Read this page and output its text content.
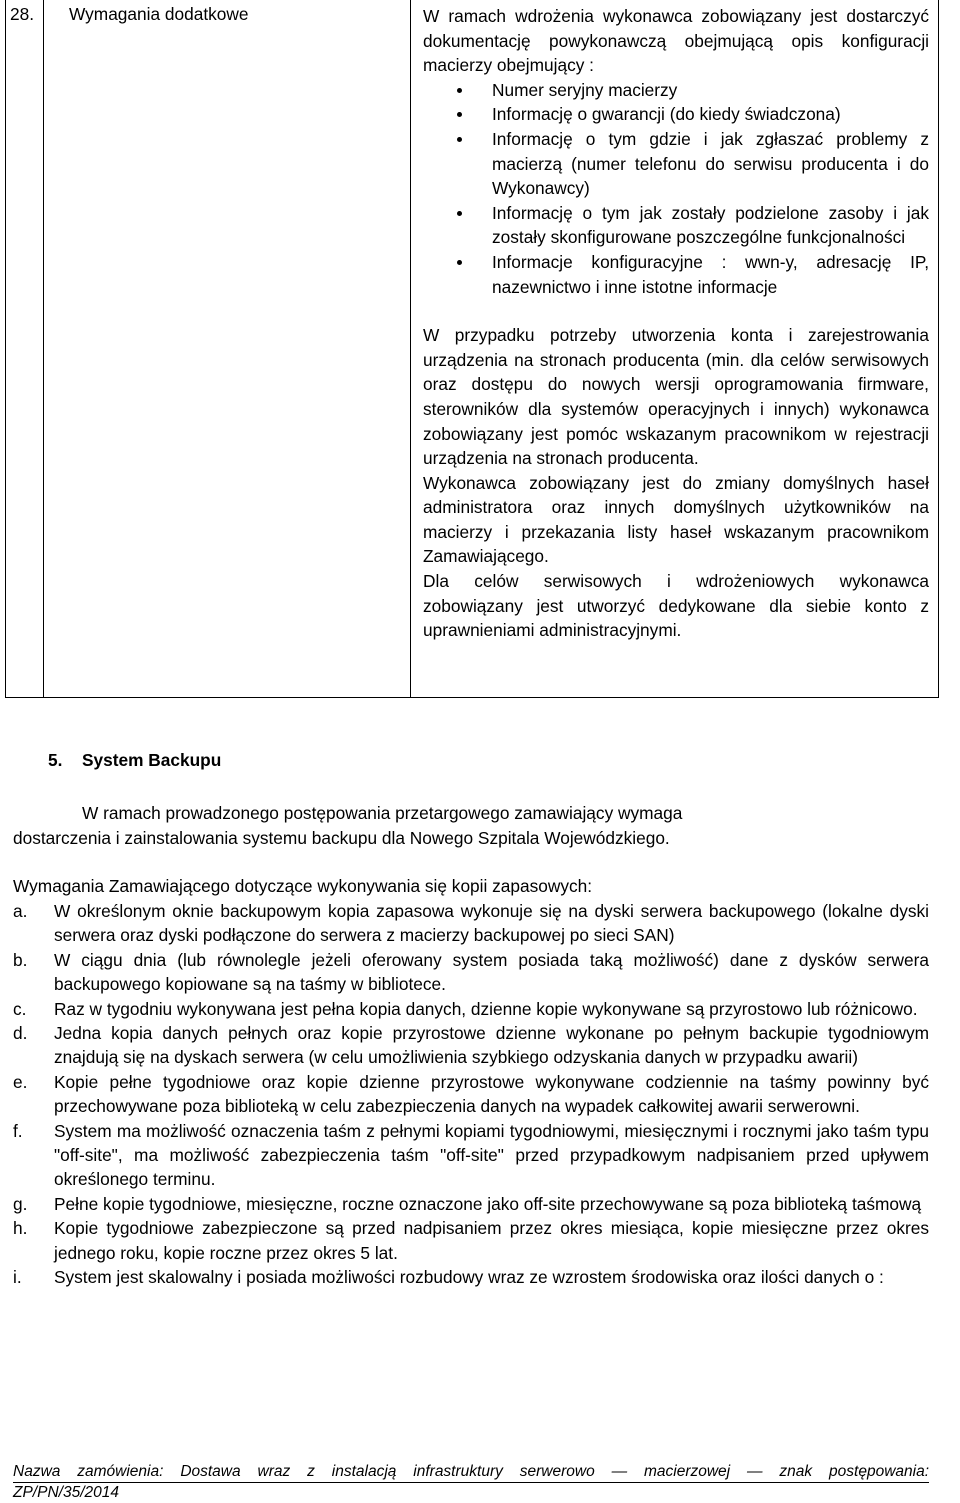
28. Wymagania dodatkowe	W ramach wdrożenia wykonawca zobowiązany jest dostarczyć dokumentację powykonawczą obejmującą opis konfiguracji macierzy obejmujący :
Numer seryjny macierzy
Informację o gwarancji (do kiedy świadczona)
Informację o tym gdzie i jak zgłaszać problemy z macierzą (numer telefonu do serwisu producenta i do Wykonawcy)
Informację o tym jak zostały podzielone zasoby i jak zostały skonfigurowane poszczególne funkcjonalności
Informacje konfiguracyjne : wwn-y, adresację IP, nazewnictwo i inne istotne informacje
W przypadku potrzeby utworzenia konta i zarejestrowania urządzenia na stronach producenta (min. dla celów serwisowych oraz dostępu do nowych wersji oprogramowania firmware, sterowników dla systemów operacyjnych i innych) wykonawca zobowiązany jest pomóc wskazanym pracownikom w rejestracji urządzenia na stronach producenta.
Wykonawca zobowiązany jest do zmiany domyślnych haseł administratora oraz innych domyślnych użytkowników na macierzy i przekazania listy haseł wskazanym pracownikom Zamawiającego.
Dla celów serwisowych i wdrożeniowych wykonawca zobowiązany jest utworzyć dedykowane dla siebie konto z uprawnieniami administracyjnymi.
5. System Backupu
W ramach prowadzonego postępowania przetargowego zamawiający wymaga
dostarczenia i zainstalowania systemu backupu dla Nowego Szpitala Wojewódzkiego.
Wymagania Zamawiającego dotyczące wykonywania się kopii zapasowych:
a. W określonym oknie backupowym kopia zapasowa wykonuje się na dyski serwera backupowego (lokalne dyski serwera oraz dyski podłączone do serwera z macierzy backupowej po sieci SAN)
b. W ciągu dnia (lub równolegle jeżeli oferowany system posiada taką możliwość) dane z dysków serwera backupowego kopiowane są na taśmy w bibliotece.
c. Raz w tygodniu wykonywana jest pełna kopia danych, dzienne kopie wykonywane są przyrostowo lub różnicowo.
d. Jedna kopia danych pełnych oraz kopie przyrostowe dzienne wykonane po pełnym backupie tygodniowym znajdują się na dyskach serwera (w celu umożliwienia szybkiego odzyskania danych w przypadku awarii)
e. Kopie pełne tygodniowe oraz kopie dzienne przyrostowe wykonywane codziennie na taśmy powinny być przechowywane poza biblioteką w celu zabezpieczenia danych na wypadek całkowitej awarii serwerowni.
f. System ma możliwość oznaczenia taśm z pełnymi kopiami tygodniowymi, miesięcznymi i rocznymi jako taśm typu "off-site", ma możliwość zabezpieczenia taśm "off-site" przed przypadkowym nadpisaniem przed upływem określonego terminu.
g. Pełne kopie tygodniowe, miesięczne, roczne oznaczone jako off-site przechowywane są poza biblioteką taśmową
h. Kopie tygodniowe zabezpieczone są przed nadpisaniem przez okres miesiąca, kopie miesięczne przez okres jednego roku, kopie roczne przez okres 5 lat.
i. System jest skalowalny i posiada możliwości rozbudowy wraz ze wzrostem środowiska oraz ilości danych o :
Nazwa zamówienia: Dostawa wraz z instalacją infrastruktury serwerowo — macierzowej — znak postępowania:
ZP/PN/35/2014
